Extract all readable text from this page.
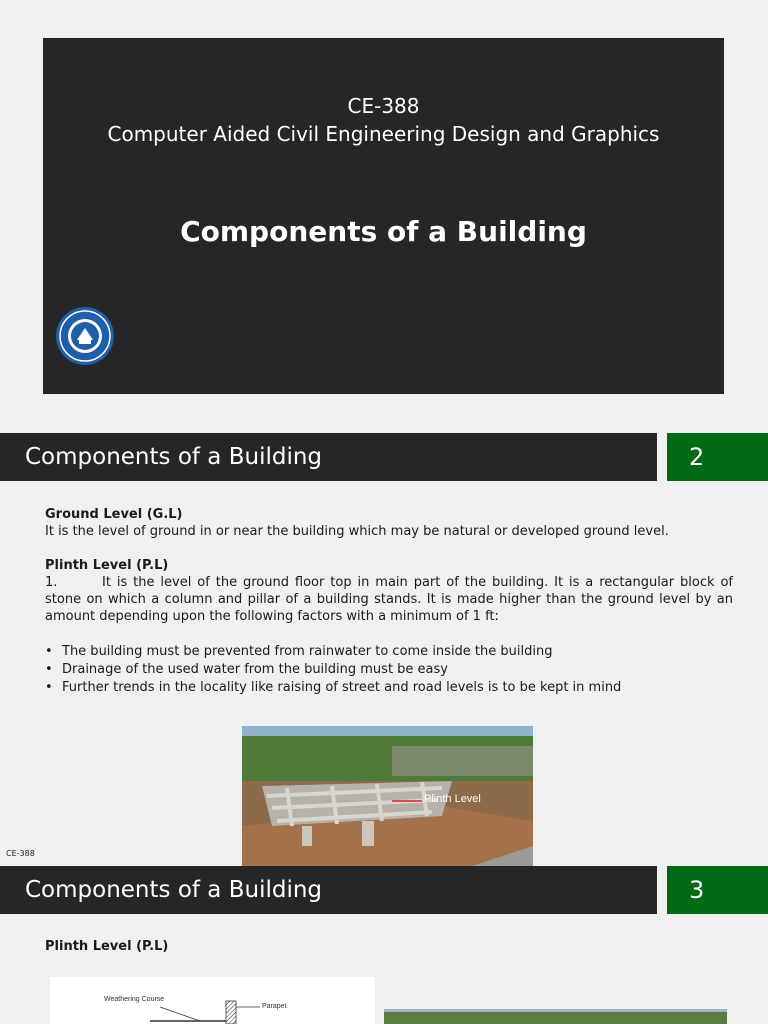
CE-388
Computer Aided Civil Engineering Design and Graphics
Components of a Building
Components of a Building	2
Ground Level (G.L)
It is the level of ground in or near the building which may be natural or developed ground level.
Plinth Level (P.L)
1.	It is the level of the ground floor top in main part of the building. It is a rectangular block of stone on which a column and pillar of a building stands. It is made higher than the ground level by an amount depending upon the following factors with a minimum of 1 ft:
• The building must be prevented from rainwater to come inside the building
• Drainage of the used water from the building must be easy
• Further trends in the locality like raising of street and road levels is to be kept in mind
Plinth Level
CE-388
Components of a Building	3
Plinth Level (P.L)
Weathering Course
Parapet
